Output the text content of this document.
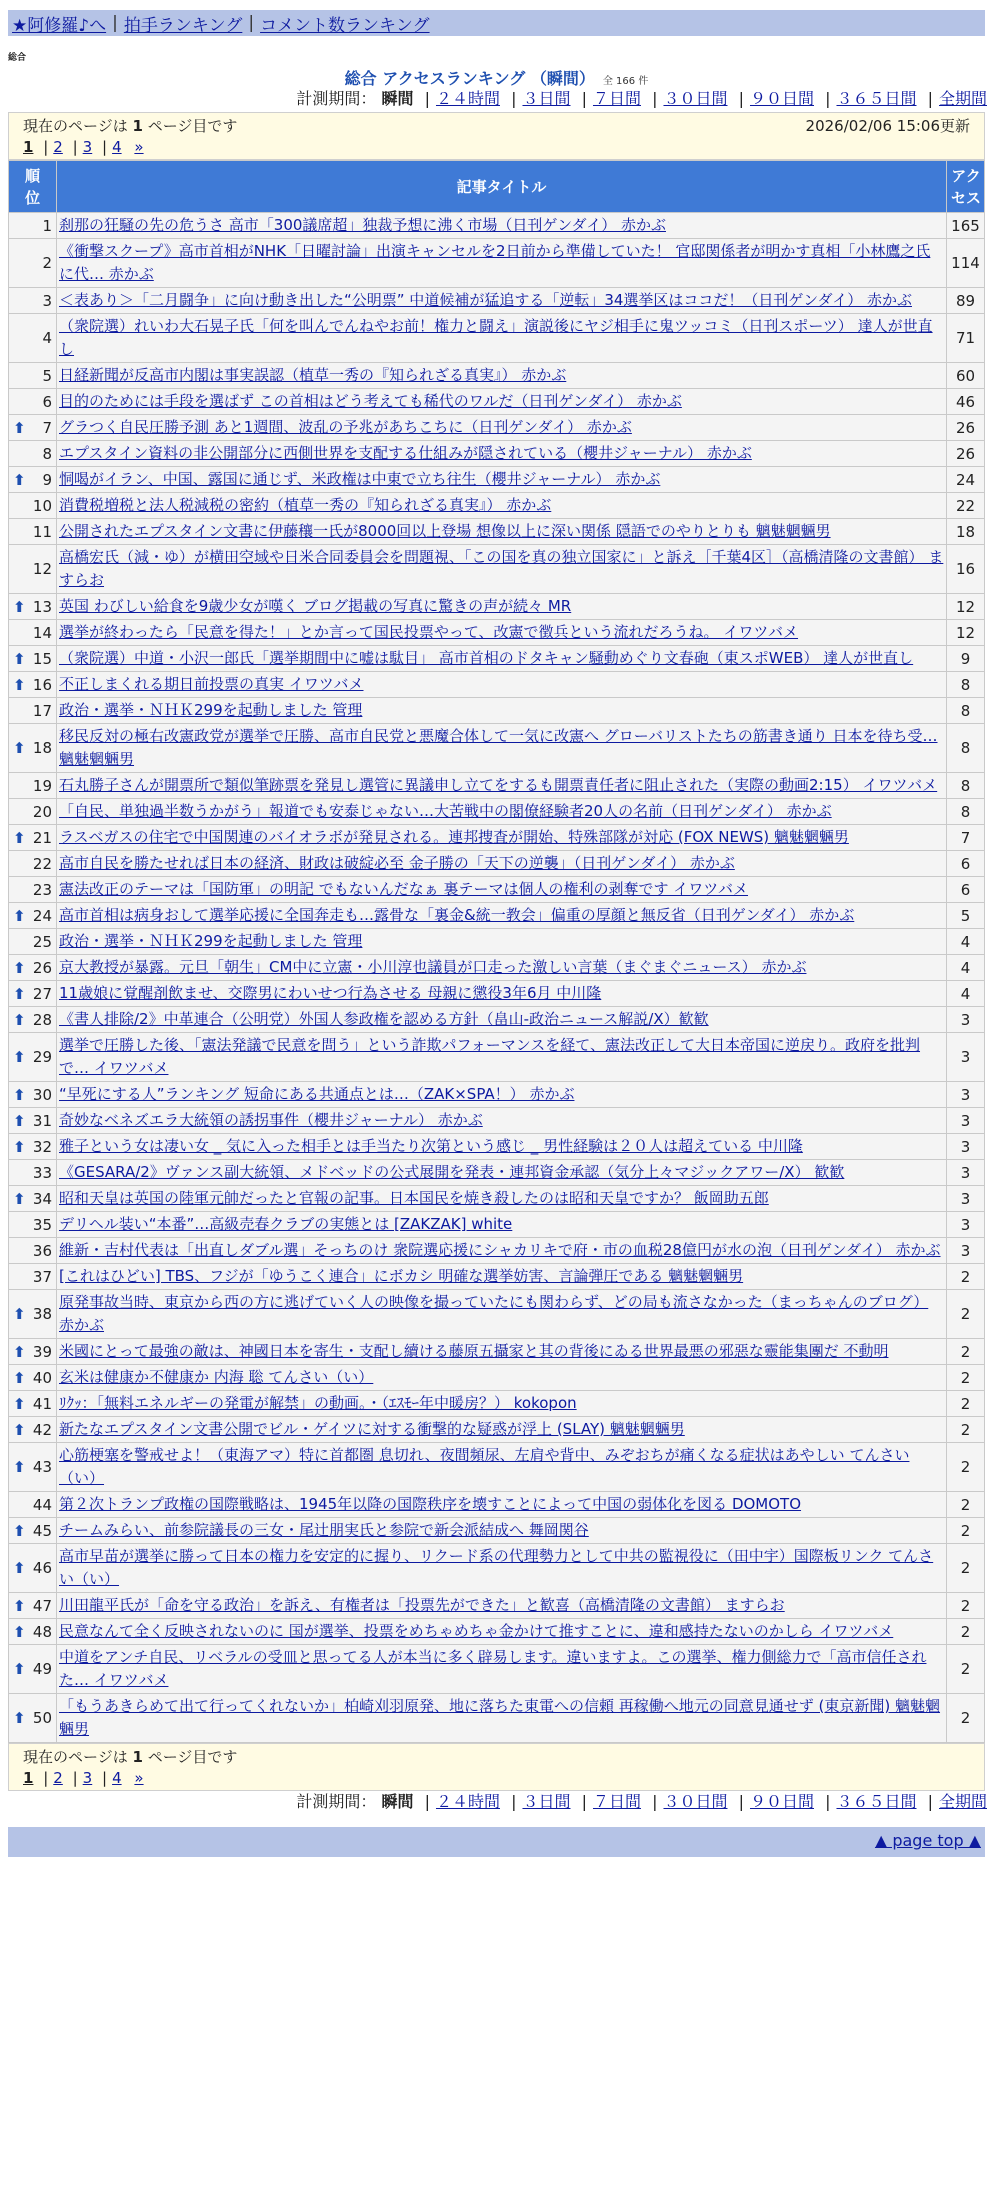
★阿修羅♪へ | 拍手ランキング | コメント数ランキング
総合
総合 アクセスランキング （瞬間） 全 166 件
計測期間： 瞬間 | ２４時間 | ３日間 | ７日間 | ３０日間 | ９０日間 | ３６５日間 | 全期間
現在のページは 1 ページ目です	2026/02/06 15:06更新
1 | 2 | 3 | 4 »
順位	記事タイトル	アクセス

1	刹那の狂騒の先の危うさ 高市「300議席超」独裁予想に沸く市場（日刊ゲンダイ） 赤かぶ	165
2	《衝撃スクープ》高市首相がNHK「日曜討論」出演キャンセルを2日前から準備していた！ 官邸関係者が明かす真相「小林鷹之氏に代… 赤かぶ	114
3	＜表あり＞「二月闘争」に向け動き出した“公明票” 中道候補が猛追する「逆転」34選挙区はココだ！（日刊ゲンダイ） 赤かぶ	89
4	（衆院選）れいわ大石晃子氏「何を叫んでんねやお前！権力と闘え」演説後にヤジ相手に鬼ツッコミ（日刊スポーツ） 達人が世直し	71
5	日経新聞が反高市内閣は事実誤認（植草一秀の『知られざる真実』） 赤かぶ	60
6	目的のためには手段を選ばず この首相はどう考えても稀代のワルだ（日刊ゲンダイ） 赤かぶ	46

⬆ 7	グラつく自民圧勝予測 あと1週間、波乱の予兆があちこちに（日刊ゲンダイ） 赤かぶ	26
8	エプスタイン資料の非公開部分に西側世界を支配する仕組みが隠されている（櫻井ジャーナル） 赤かぶ	26

⬆ 9	恫喝がイラン、中国、露国に通じず、米政権は中東で立ち往生（櫻井ジャーナル） 赤かぶ	24
10	消費税増税と法人税減税の密約（植草一秀の『知られざる真実』） 赤かぶ	22
11	公開されたエプスタイン文書に伊藤穰一氏が8000回以上登場 想像以上に深い関係 隠語でのやりとりも 魑魅魍魎男	18
12	高橋宏氏（減・ゆ）が横田空域や日米合同委員会を問題視、「この国を真の独立国家に」と訴え［千葉4区］（高橋清隆の文書館） ますらお	16

⬆ 13	英国 わびしい給食を9歳少女が嘆く ブログ掲載の写真に驚きの声が続々 MR	12
14	選挙が終わったら「民意を得た！」とか言って国民投票やって、改憲で徴兵という流れだろうね。 イワツバメ	12

⬆ 15	（衆院選）中道・小沢一郎氏「選挙期間中に嘘は駄目」 高市首相のドタキャン騒動めぐり文春砲（東スポWEB） 達人が世直し	9

⬆ 16	不正しまくれる期日前投票の真実 イワツバメ	8
17	政治・選挙・ＮＨＫ299を起動しました 管理	8

⬆ 18	移民反対の極右改憲政党が選挙で圧勝、高市自民党と悪魔合体して一気に改憲へ グローバリストたちの筋書き通り 日本を待ち受… 魑魅魍魎男	8
19	石丸勝子さんが開票所で類似筆跡票を発見し選管に異議申し立てをするも開票責任者に阻止された（実際の動画2:15） イワツバメ	8
20	「自民、単独過半数うかがう」報道でも安泰じゃない…大苦戦中の閣僚経験者20人の名前（日刊ゲンダイ） 赤かぶ	8

⬆ 21	ラスベガスの住宅で中国関連のバイオラボが発見される。連邦捜査が開始、特殊部隊が対応 (FOX NEWS) 魑魅魍魎男	7
22	高市自民を勝たせれば日本の経済、財政は破綻必至 金子勝の「天下の逆襲」（日刊ゲンダイ） 赤かぶ	6
23	憲法改正のテーマは「国防軍」の明記 でもないんだなぁ 裏テーマは個人の権利の剥奪です イワツバメ	6

⬆ 24	高市首相は病身おして選挙応援に全国奔走も…露骨な「裏金&統一教会」偏重の厚顔と無反省（日刊ゲンダイ） 赤かぶ	5
25	政治・選挙・ＮＨＫ299を起動しました 管理	4

⬆ 26	京大教授が暴露。元旦「朝生」CM中に立憲・小川淳也議員が口走った激しい言葉（まぐまぐニュース） 赤かぶ	4

⬆ 27	11歳娘に覚醒剤飲ませ、交際男にわいせつ行為させる 母親に懲役3年6月 中川隆	4

⬆ 28	《書人排除/2》中革連合（公明党）外国人参政権を認める方針（畠山-政治ニュース解説/X）歓歓	3

⬆ 29	選挙で圧勝した後、「憲法発議で民意を問う」という詐欺パフォーマンスを経て、憲法改正して大日本帝国に逆戻り。政府を批判で… イワツバメ	3

⬆ 30	“早死にする人”ランキング 短命にある共通点とは…（ZAK×SPA！） 赤かぶ	3

⬆ 31	奇妙なベネズエラ大統領の誘拐事件（櫻井ジャーナル） 赤かぶ	3

⬆ 32	雅子という女は凄い女 _ 気に入った相手とは手当たり次第という感じ _ 男性経験は２０人は超えている 中川隆	3
33	《GESARA/2》ヴァンス副大統領、メドベッドの公式展開を発表・連邦資金承認（気分上々マジックアワー/X） 歓歓	3

⬆ 34	昭和天皇は英国の陸軍元帥だったと官報の記事。日本国民を焼き殺したのは昭和天皇ですか？ 飯岡助五郎	3
35	デリヘル装い“本番”…高級売春クラブの実態とは [ZAKZAK] white	3
36	維新・吉村代表は「出直しダブル選」そっちのけ 衆院選応援にシャカリキで府・市の血税28億円が水の泡（日刊ゲンダイ） 赤かぶ	3
37	[これはひどい] TBS、フジが「ゆうこく連合」にボカシ 明確な選挙妨害、言論弾圧である 魑魅魍魎男	2

⬆ 38	原発事故当時、東京から西の方に逃げていく人の映像を撮っていたにも関わらず、どの局も流さなかった（まっちゃんのブログ） 赤かぶ	2

⬆ 39	米國にとって最強の敵は、神國日本を寄生・支配し續ける藤原五攝家と其の背後にゐる世界最悪の邪惡な靈能集團だ 不動明	2

⬆ 40	玄米は健康か不健康か 内海 聡 てんさい（い）	2

⬆ 41	ﾘｸｯ：「無料エネルギーの発電が解禁」の動画。・（ｴｽﾓｰ年中暖房？） kokopon	2

⬆ 42	新たなエプスタイン文書公開でビル・ゲイツに対する衝撃的な疑惑が浮上 (SLAY) 魑魅魍魎男	2

⬆ 43	心筋梗塞を警戒せよ！（東海アマ）特に首都圏 息切れ、夜間頻尿、左肩や背中、みぞおちが痛くなる症状はあやしい てんさい（い）	2
44	第２次トランプ政権の国際戦略は、1945年以降の国際秩序を壊すことによって中国の弱体化を図る DOMOTO	2

⬆ 45	チームみらい、前参院議長の三女・尾辻朋実氏と参院で新会派結成へ 舞岡関谷	2

⬆ 46	高市早苗が選挙に勝って日本の権力を安定的に握り、リクード系の代理勢力として中共の監視役に（田中宇）国際板リンク てんさい（い）	2

⬆ 47	川田龍平氏が「命を守る政治」を訴え、有権者は「投票先ができた」と歓喜（高橋清隆の文書館） ますらお	2

⬆ 48	民意なんて全く反映されないのに 国が選挙、投票をめちゃめちゃ金かけて推すことに、違和感持たないのかしら イワツバメ	2

⬆ 49	中道をアンチ自民、リベラルの受皿と思ってる人が本当に多く辟易します。違いますよ。この選挙、権力側総力で「高市信任された… イワツバメ	2

⬆ 50	「もうあきらめて出て行ってくれないか」柏崎刈羽原発、地に落ちた東電への信頼 再稼働へ地元の同意見通せず (東京新聞) 魑魅魍魎男	2
現在のページは 1 ページ目です
1 | 2 | 3 | 4 »
計測期間： 瞬間 | ２４時間 | ３日間 | ７日間 | ３０日間 | ９０日間 | ３６５日間 | 全期間
▲ page top ▲
